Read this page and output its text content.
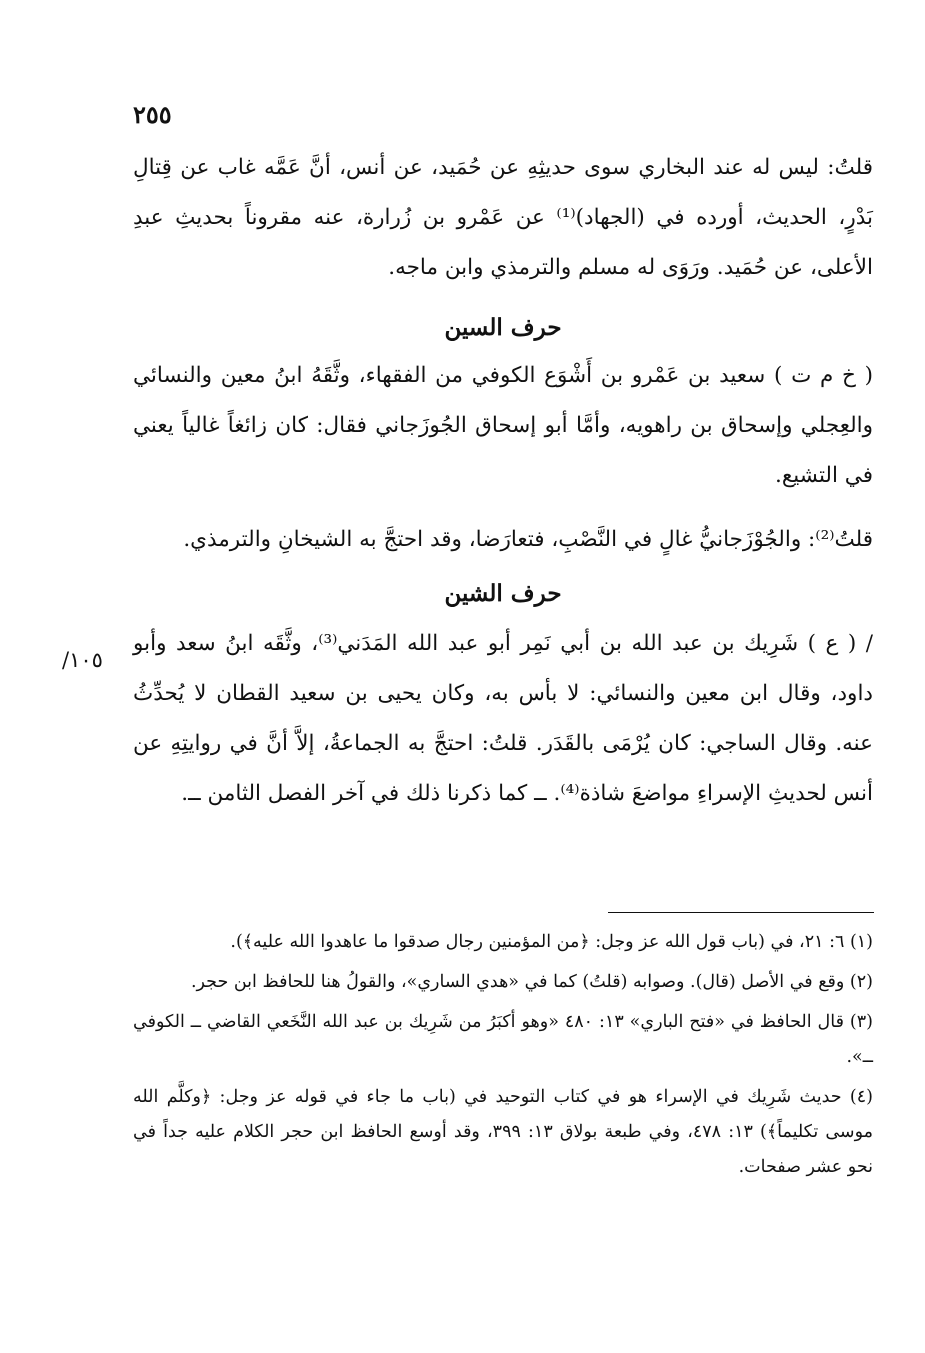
٢٥٥
/١٠٥

قلتُ: ليس له عند البخاري سوى حديثِهِ عن حُمَيد، عن أنس، أنَّ عَمَّه غاب عن قِتالِ بَدْرٍ، الحديث، أورده في (الجهاد)⁽¹⁾ عن عَمْرو بن زُرارة، عنه مقروناً بحديثِ عبدِ الأعلى، عن حُمَيد. ورَوَى له مسلم والترمذي وابن ماجه.

حرف السين

( خ م ت ) سعيد بن عَمْرو بن أَشْوَع الكوفي من الفقهاء، وثَّقَهُ ابنُ معين والنسائي والعِجلي وإسحاق بن راهويه، وأمَّا أبو إسحاق الجُوزَجاني فقال: كان زائغاً غالياً يعني في التشيع.

قلتُ⁽²⁾: والجُوْزَجانيُّ غالٍ في النَّصْبِ، فتعارَضا، وقد احتجَّ به الشيخانِ والترمذي.

حرف الشين

/ ( ع ) شَرِيك بن عبد الله بن أبي نَمِر أبو عبد الله المَدَني⁽³⁾، وثَّقَه ابنُ سعد وأبو داود، وقال ابن معين والنسائي: لا بأس به، وكان يحيى بن سعيد القطان لا يُحدِّثُ عنه. وقال الساجي: كان يُرْمَى بالقَدَر. قلتُ: احتجَّ به الجماعةُ، إلاَّ أنَّ في روايتِهِ عن أنس لحديثِ الإسراءِ مواضعَ شاذة⁽⁴⁾. ــ كما ذكرنا ذلك في آخر الفصل الثامن ــ.

(١) ٦: ٢١، في (باب قول الله عز وجل: ﴿من المؤمنين رجال صدقوا ما عاهدوا الله عليه﴾).

(٢) وقع في الأصل (قال). وصوابه (قلتُ) كما في «هدي الساري»، والقولُ هنا للحافظ ابن حجر.

(٣) قال الحافظ في «فتح الباري» ١٣: ٤٨٠ «وهو أكبَرُ من شَرِيك بن عبد الله النَّخَعي القاضي ــ الكوفي ــ».

(٤) حديث شَرِيك في الإسراء هو في كتاب التوحيد في (باب ما جاء في قوله عز وجل: ﴿وكلَّم الله موسى تكليماً﴾) ١٣: ٤٧٨، وفي طبعة بولاق ١٣: ٣٩٩، وقد أوسع الحافظ ابن حجر الكلام عليه جداً في نحو عشر صفحات.
